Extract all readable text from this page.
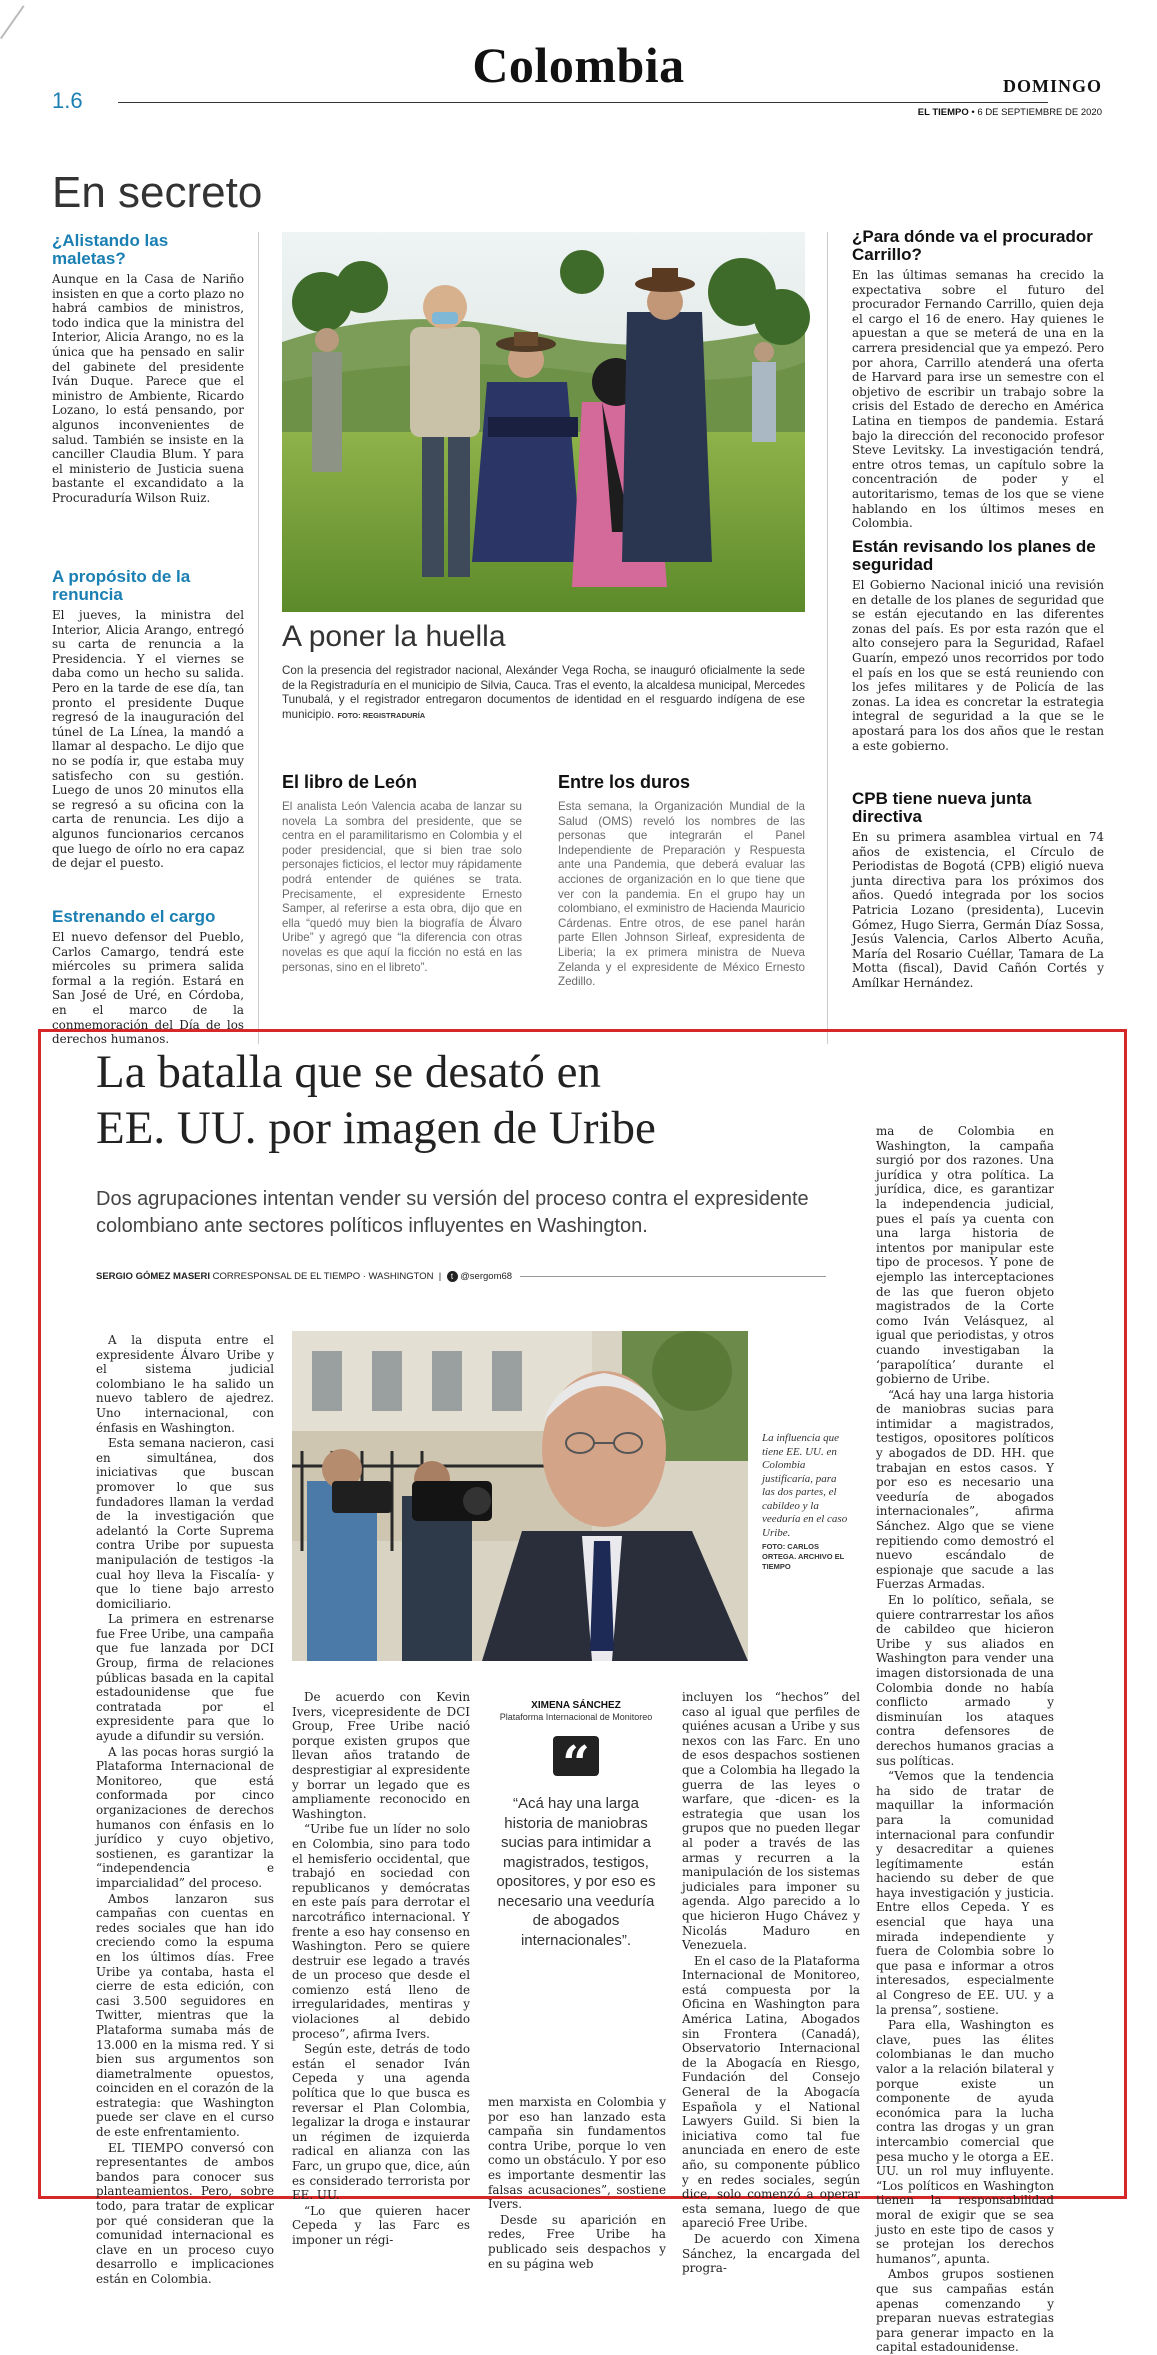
1.6
Colombia	DOMINGO
EL TIEMPO • 6 DE SEPTIEMBRE DE 2020
En secreto
¿Alistando las maletas?
Aunque en la Casa de Nariño insisten en que a corto plazo no habrá cambios de ministros, todo indica que la ministra del Interior, Alicia Arango, no es la única que ha pensado en salir del gabinete del presidente Iván Duque. Parece que el ministro de Ambiente, Ricardo Lozano, lo está pensando, por algunos inconvenientes de salud. También se insiste en la canciller Claudia Blum. Y para el ministerio de Justicia suena bastante el excandidato a la Procuraduría Wilson Ruiz.
A propósito de la renuncia
El jueves, la ministra del Interior, Alicia Arango, entregó su carta de renuncia a la Presidencia. Y el viernes se daba como un hecho su salida. Pero en la tarde de ese día, tan pronto el presidente Duque regresó de la inauguración del túnel de La Línea, la mandó a llamar al despacho. Le dijo que no se podía ir, que estaba muy satisfecho con su gestión. Luego de unos 20 minutos ella se regresó a su oficina con la carta de renuncia. Les dijo a algunos funcionarios cercanos que luego de oírlo no era capaz de dejar el puesto.
Estrenando el cargo
El nuevo defensor del Pueblo, Carlos Camargo, tendrá este miércoles su primera salida formal a la región. Estará en San José de Uré, en Córdoba, en el marco de la conmemoración del Día de los derechos humanos.
A poner la huella
Con la presencia del registrador nacional, Alexánder Vega Rocha, se inauguró oficialmente la sede de la Registraduría en el municipio de Silvia, Cauca. Tras el evento, la alcaldesa municipal, Mercedes Tunubalá, y el registrador entregaron documentos de identidad en el resguardo indígena de ese municipio. FOTO: REGISTRADURÍA
El libro de León
El analista León Valencia acaba de lanzar su novela La sombra del presidente, que se centra en el paramilitarismo en Colombia y el poder presidencial, que si bien trae solo personajes ficticios, el lector muy rápidamente podrá entender de quiénes se trata. Precisamente, el expresidente Ernesto Samper, al referirse a esta obra, dijo que en ella “quedó muy bien la biografía de Álvaro Uribe” y agregó que “la diferencia con otras novelas es que aquí la ficción no está en las personas, sino en el libreto”.
Entre los duros
Esta semana, la Organización Mundial de la Salud (OMS) reveló los nombres de las personas que integrarán el Panel Independiente de Preparación y Respuesta ante una Pandemia, que deberá evaluar las acciones de organización en lo que tiene que ver con la pandemia. En el grupo hay un colombiano, el exministro de Hacienda Mauricio Cárdenas. Entre otros, de ese panel harán parte Ellen Johnson Sirleaf, expresidenta de Liberia; la ex primera ministra de Nueva Zelanda y el expresidente de México Ernesto Zedillo.
¿Para dónde va el procurador Carrillo?
En las últimas semanas ha crecido la expectativa sobre el futuro del procurador Fernando Carrillo, quien deja el cargo el 16 de enero. Hay quienes le apuestan a que se meterá de una en la carrera presidencial que ya empezó. Pero por ahora, Carrillo atenderá una oferta de Harvard para irse un semestre con el objetivo de escribir un trabajo sobre la crisis del Estado de derecho en América Latina en tiempos de pandemia. Estará bajo la dirección del reconocido profesor Steve Levitsky. La investigación tendrá, entre otros temas, un capítulo sobre la concentración de poder y el autoritarismo, temas de los que se viene hablando en los últimos meses en Colombia.
Están revisando los planes de seguridad
El Gobierno Nacional inició una revisión en detalle de los planes de seguridad que se están ejecutando en las diferentes zonas del país. Es por esta razón que el alto consejero para la Seguridad, Rafael Guarín, empezó unos recorridos por todo el país en los que se está reuniendo con los jefes militares y de Policía de las zonas. La idea es concretar la estrategia integral de seguridad a la que se le apostará para los dos años que le restan a este gobierno.
CPB tiene nueva junta directiva
En su primera asamblea virtual en 74 años de existencia, el Círculo de Periodistas de Bogotá (CPB) eligió nueva junta directiva para los próximos dos años. Quedó integrada por los socios Patricia Lozano (presidenta), Lucevin Gómez, Hugo Sierra, Germán Díaz Sossa, Jesús Valencia, Carlos Alberto Acuña, María del Rosario Cuéllar, Tamara de La Motta (fiscal), David Cañón Cortés y Amílkar Hernández.
La batalla que se desató en
EE. UU. por imagen de Uribe
Dos agrupaciones intentan vender su versión del proceso contra el expresidente colombiano ante sectores políticos influyentes en Washington.
SERGIO GÓMEZ MASERI CORRESPONSAL DE EL TIEMPO · WASHINGTON  |  t @sergom68

A la disputa entre el expresidente Álvaro Uribe y el sistema judicial colombiano le ha salido un nuevo tablero de ajedrez. Uno internacional, con énfasis en Washington.

Esta semana nacieron, casi en simultánea, dos iniciativas que buscan promover lo que sus fundadores llaman la verdad de la investigación que adelantó la Corte Suprema contra Uribe por supuesta manipulación de testigos -la cual hoy lleva la Fiscalía- y que lo tiene bajo arresto domiciliario.

La primera en estrenarse fue Free Uribe, una campaña que fue lanzada por DCI Group, firma de relaciones públicas basada en la capital estadounidense que fue contratada por el expresidente para que lo ayude a difundir su versión.

A las pocas horas surgió la Plataforma Internacional de Monitoreo, que está conformada por cinco organizaciones de derechos humanos con énfasis en lo jurídico y cuyo objetivo, sostienen, es garantizar la “independencia e imparcialidad” del proceso.

Ambos lanzaron sus campañas con cuentas en redes sociales que han ido creciendo como la espuma en los últimos días. Free Uribe ya contaba, hasta el cierre de esta edición, con casi 3.500 seguidores en Twitter, mientras que la Plataforma sumaba más de 13.000 en la misma red. Y si bien sus argumentos son diametralmente opuestos, coinciden en el corazón de la estrategia: que Washington puede ser clave en el curso de este enfrentamiento.

EL TIEMPO conversó con representantes de ambos bandos para conocer sus planteamientos. Pero, sobre todo, para tratar de explicar por qué consideran que la comunidad internacional es clave en un proceso cuyo desarrollo e implicaciones están en Colombia.

La influencia que tiene EE. UU. en Colombia justificaría, para las dos partes, el cabildeo y la veeduría en el caso Uribe.
FOTO: CARLOS ORTEGA. ARCHIVO EL TIEMPO

De acuerdo con Kevin Ivers, vicepresidente de DCI Group, Free Uribe nació porque existen grupos que llevan años tratando de desprestigiar al expresidente y borrar un legado que es ampliamente reconocido en Washington.

“Uribe fue un líder no solo en Colombia, sino para todo el hemisferio occidental, que trabajó en sociedad con republicanos y demócratas en este país para derrotar el narcotráfico internacional. Y frente a eso hay consenso en Washington. Pero se quiere destruir ese legado a través de un proceso que desde el comienzo está lleno de irregularidades, mentiras y violaciones al debido proceso”, afirma Ivers.

Según este, detrás de todo están el senador Iván Cepeda y una agenda política que lo que busca es reversar el Plan Colombia, legalizar la droga e instaurar un régimen de izquierda radical en alianza con las Farc, un grupo que, dice, aún es considerado terrorista por EE. UU.

“Lo que quieren hacer Cepeda y las Farc es imponer un régi-

XIMENA SÁNCHEZ
Plataforma Internacional de Monitoreo
“
“Acá hay una larga historia de maniobras sucias para intimidar a magistrados, testigos, opositores, y por eso es necesario una veeduría de abogados internacionales”.

men marxista en Colombia y por eso han lanzado esta campaña sin fundamentos contra Uribe, porque lo ven como un obstáculo. Y por eso es importante desmentir las falsas acusaciones”, sostiene Ivers.

Desde su aparición en redes, Free Uribe ha publicado seis despachos y en su página web

incluyen los “hechos” del caso al igual que perfiles de quiénes acusan a Uribe y sus nexos con las Farc. En uno de esos despachos sostienen que a Colombia ha llegado la guerra de las leyes o warfare, que -dicen- es la estrategia que usan los grupos que no pueden llegar al poder a través de las armas y recurren a la manipulación de los sistemas judiciales para imponer su agenda. Algo parecido a lo que hicieron Hugo Chávez y Nicolás Maduro en Venezuela.

En el caso de la Plataforma Internacional de Monitoreo, está compuesta por la Oficina en Washington para América Latina, Abogados sin Frontera (Canadá), Observatorio Internacional de la Abogacía en Riesgo, Fundación del Consejo General de la Abogacía Española y el National Lawyers Guild. Si bien la iniciativa como tal fue anunciada en enero de este año, su componente público y en redes sociales, según dice, solo comenzó a operar esta semana, luego de que apareció Free Uribe.

De acuerdo con Ximena Sánchez, la encargada del progra-

ma de Colombia en Washington, la campaña surgió por dos razones. Una jurídica y otra política. La jurídica, dice, es garantizar la independencia judicial, pues el país ya cuenta con una larga historia de intentos por manipular este tipo de procesos. Y pone de ejemplo las interceptaciones de las que fueron objeto magistrados de la Corte como Iván Velásquez, al igual que periodistas, y otros cuando investigaban la ‘parapolítica’ durante el gobierno de Uribe.

“Acá hay una larga historia de maniobras sucias para intimidar a magistrados, testigos, opositores políticos y abogados de DD. HH. que trabajan en estos casos. Y por eso es necesario una veeduría de abogados internacionales”, afirma Sánchez. Algo que se viene repitiendo como demostró el nuevo escándalo de espionaje que sacude a las Fuerzas Armadas.

En lo político, señala, se quiere contrarrestar los años de cabildeo que hicieron Uribe y sus aliados en Washington para vender una imagen distorsionada de una Colombia donde no había conflicto armado y disminuían los ataques contra defensores de derechos humanos gracias a sus políticas.

“Vemos que la tendencia ha sido de tratar de maquillar la información para la comunidad internacional para confundir y desacreditar a quienes legítimamente están haciendo su deber de que haya investigación y justicia. Entre ellos Cepeda. Y es esencial que haya una mirada independiente y fuera de Colombia sobre lo que pasa e informar a otros interesados, especialmente al Congreso de EE. UU. y a la prensa”, sostiene.

Para ella, Washington es clave, pues las élites colombianas le dan mucho valor a la relación bilateral y porque existe un componente de ayuda económica para la lucha contra las drogas y un gran intercambio comercial que pesa mucho y le otorga a EE. UU. un rol muy influyente. “Los políticos en Washington tienen la responsabilidad moral de exigir que se sea justo en este tipo de casos y se protejan los derechos humanos”, apunta.

Ambos grupos sostienen que sus campañas están apenas comenzando y preparan nuevas estrategias para generar impacto en la capital estadounidense.
